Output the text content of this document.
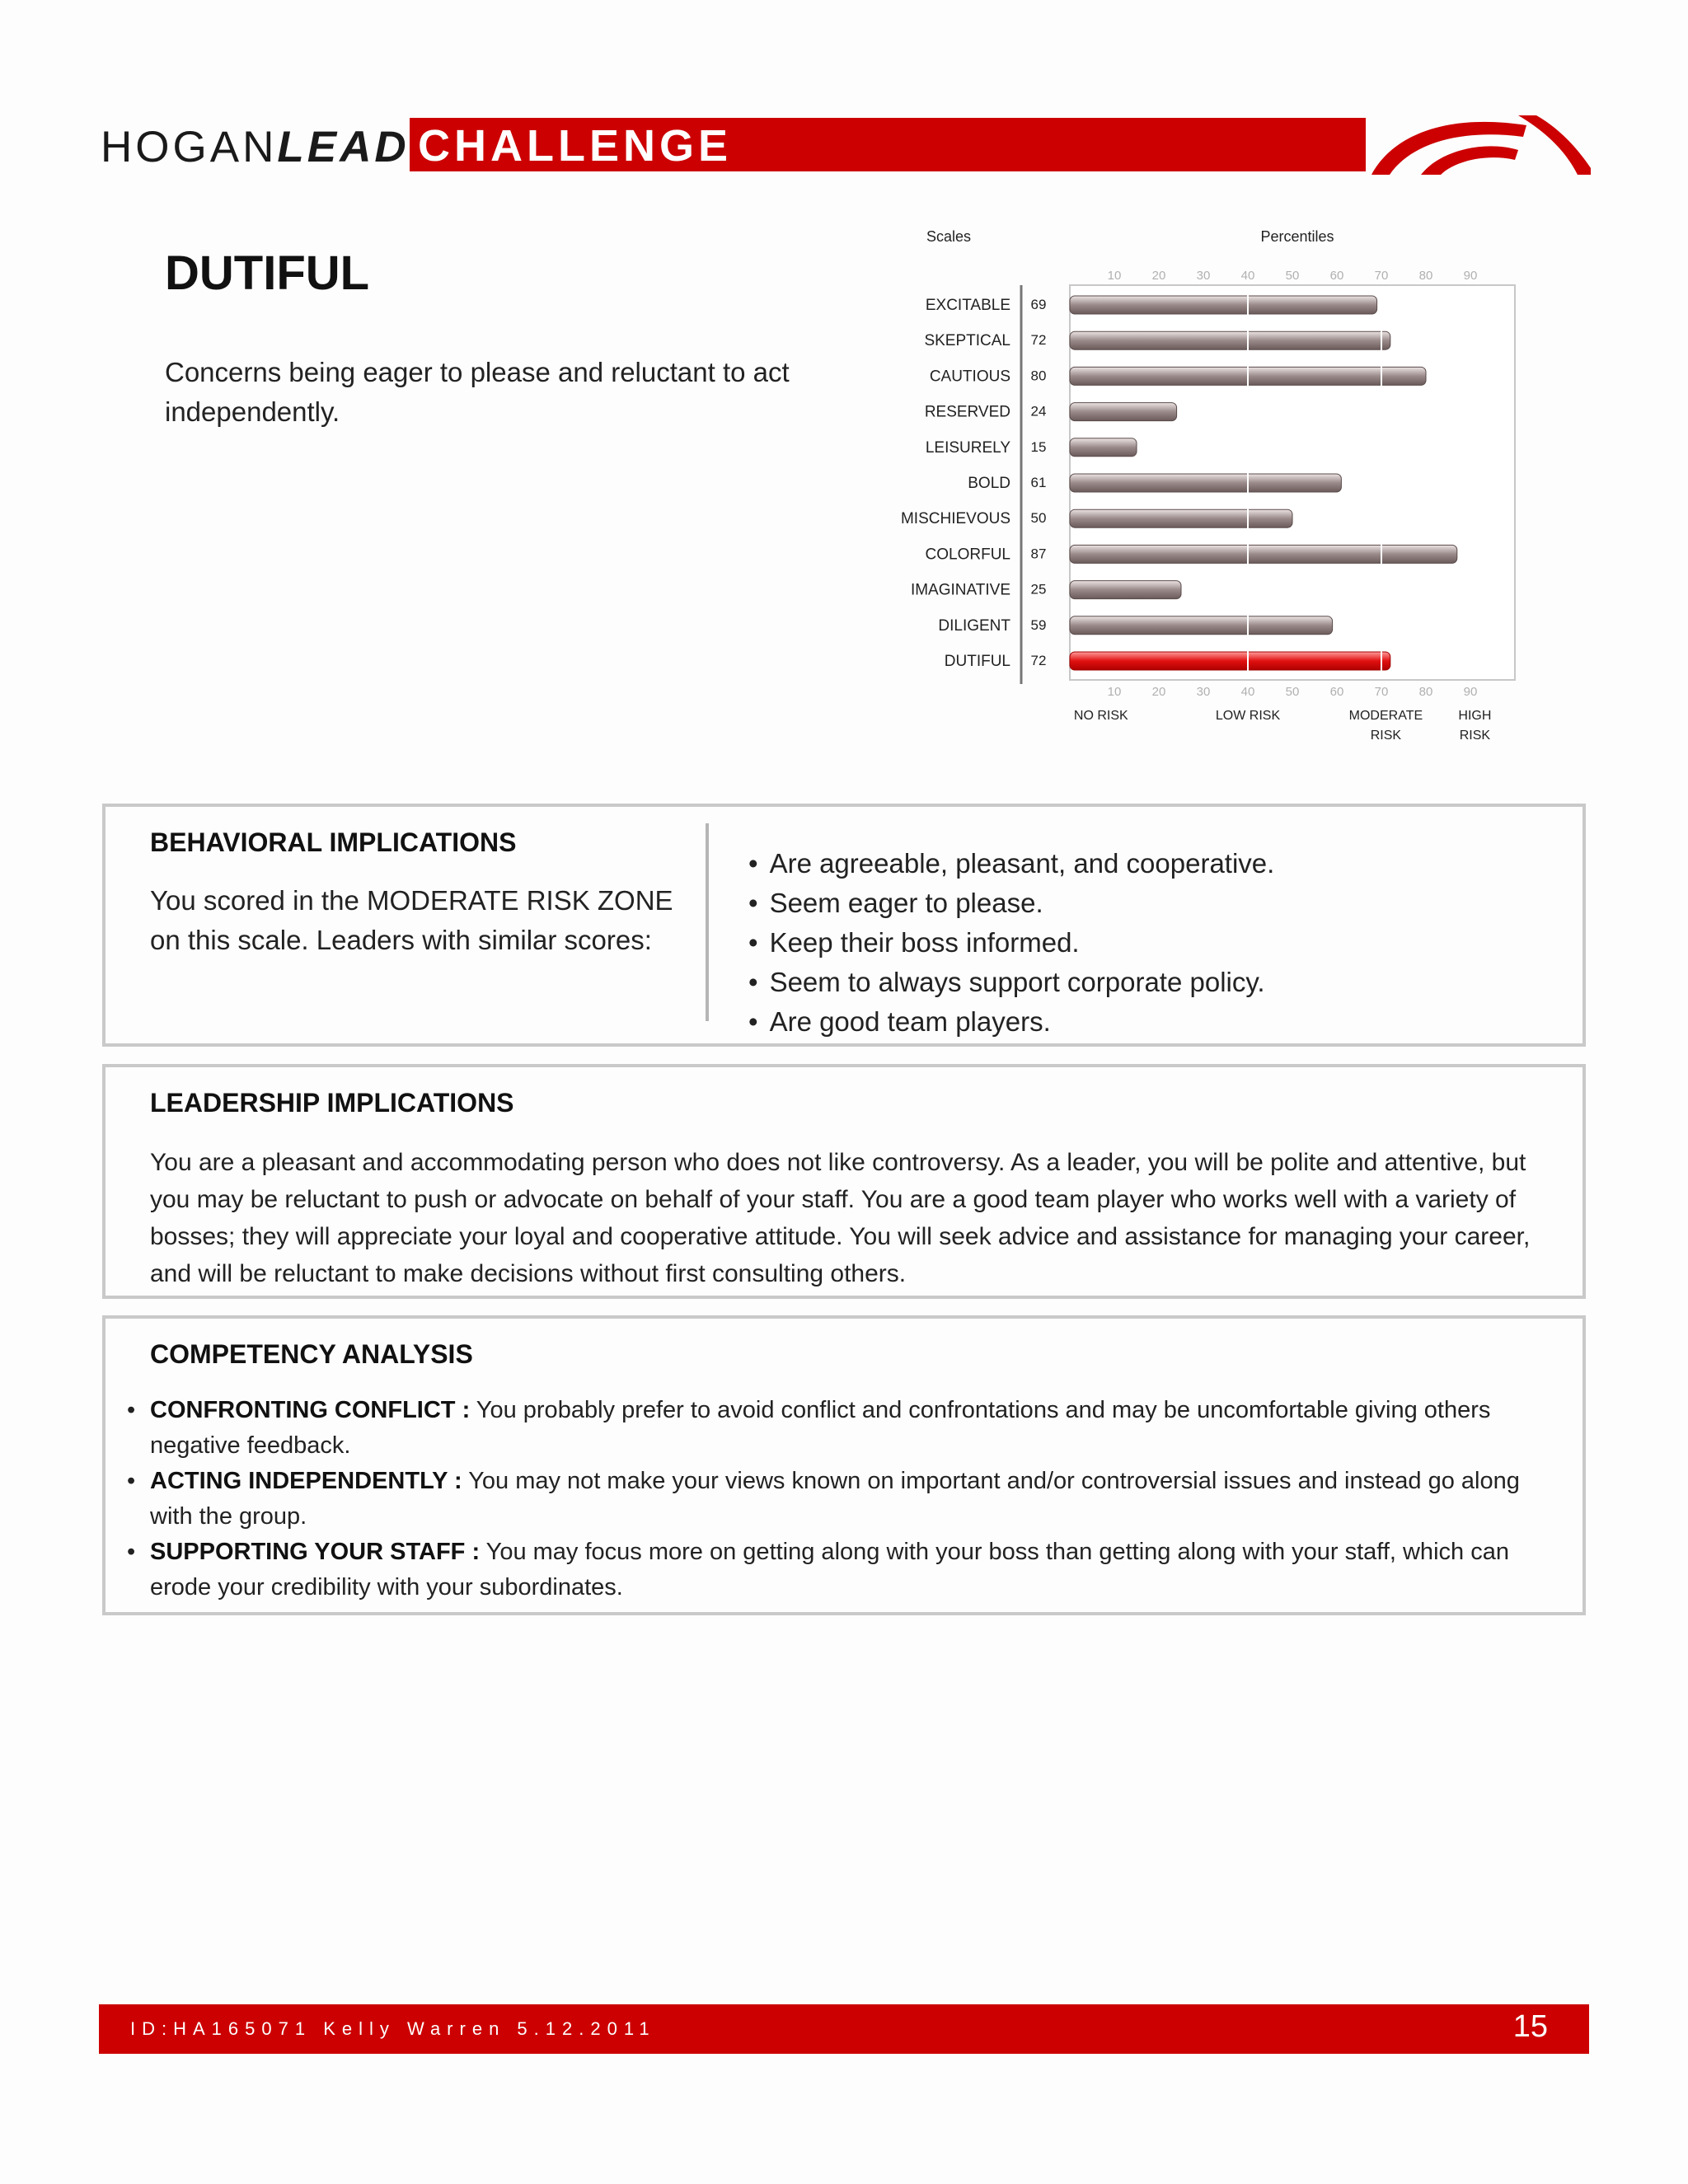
HOGANLEAD CHALLENGE
DUTIFUL
Concerns being eager to please and reluctant to act independently.
Scales	Percentiles
EXCITABLE 69
SKEPTICAL 72
CAUTIOUS 80
RESERVED 24
LEISURELY 15
BOLD 61
MISCHIEVOUS 50
COLORFUL 87
IMAGINATIVE 25
DILIGENT 59
DUTIFUL 72
10
10
20
20
30
30
40
40
50
50
60
60
70
70
80
80
90
90
NO RISK	LOW RISK	MODERATE RISK
HIGH RISK
BEHAVIORAL IMPLICATIONS
You scored in the MODERATE RISK ZONE on this scale. Leaders with similar scores:
• Are agreeable, pleasant, and cooperative.
• Seem eager to please.
• Keep their boss informed.
• Seem to always support corporate policy.
• Are good team players.
LEADERSHIP IMPLICATIONS

You are a pleasant and accommodating person who does not like controversy. As a leader, you will be polite and attentive, but you may be reluctant to push or advocate on behalf of your staff. You are a good team player who works well with a variety of bosses; they will appreciate your loyal and cooperative attitude. You will seek advice and assistance for managing your career, and will be reluctant to make decisions without first consulting others.

COMPETENCY ANALYSIS
• CONFRONTING CONFLICT : You probably prefer to avoid conflict and confrontations and may be uncomfortable giving others negative feedback.
• ACTING INDEPENDENTLY : You may not make your views known on important and/or controversial issues and instead go along with the group.
• SUPPORTING YOUR STAFF : You may focus more on getting along with your boss than getting along with your staff, which can erode your credibility with your subordinates.
ID:HA165071 Kelly Warren 5.12.2011	15
